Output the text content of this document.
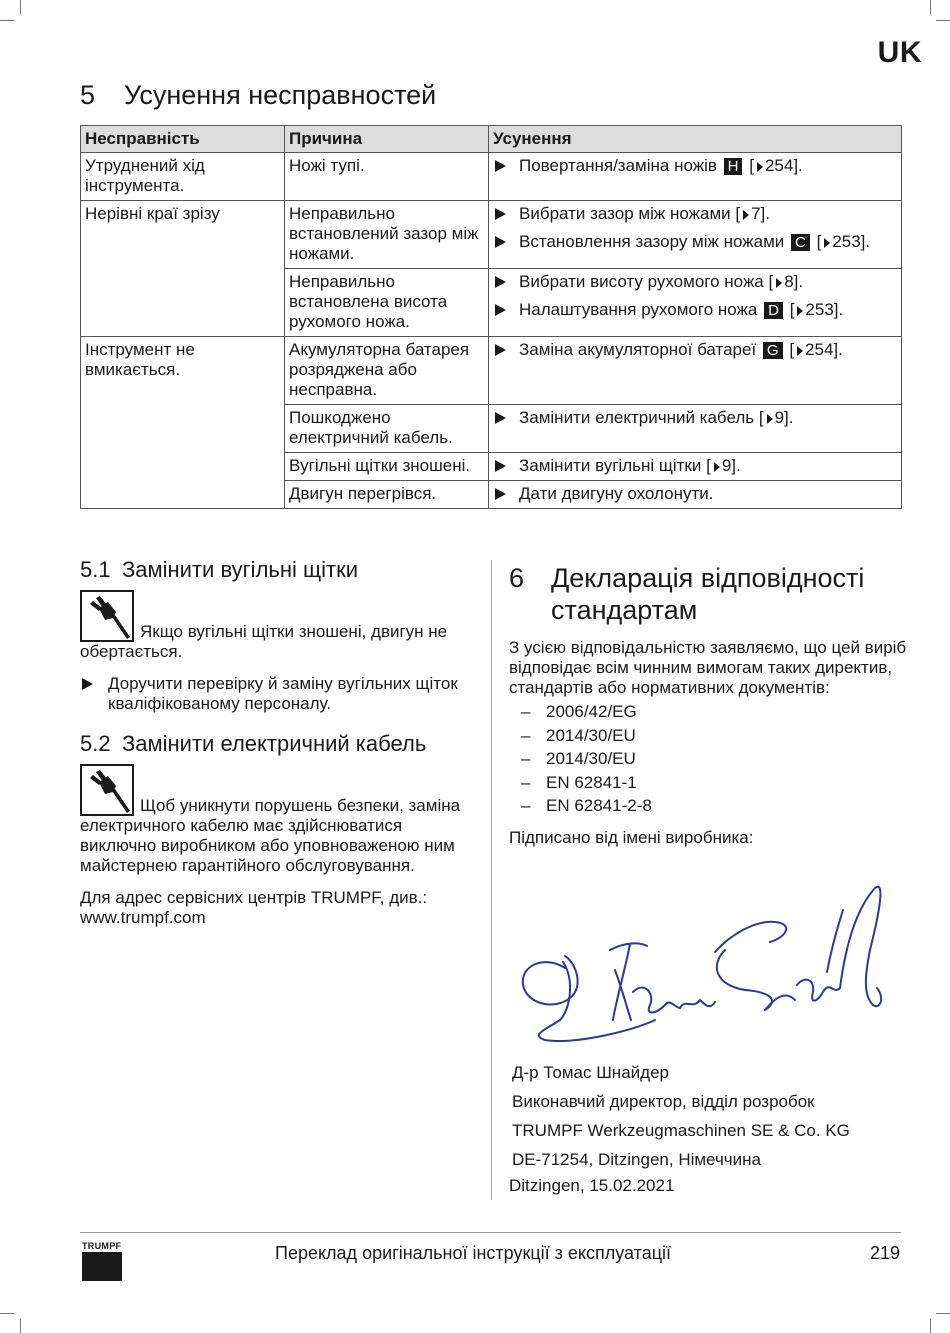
UK
5 Усунення несправностей
Несправність	Причина	Усунення
Утруднений хід інструмента.	Ножі тупі.	Повертання/заміна ножів H [ 254].

Нерівні краї зрізу	Неправильно встановлений зазор між ножами.	Вибрати зазор між ножами [ 7].
Встановлення зазору між ножами C [ 253].

	Неправильно встановлена висота рухомого ножа.	Вибрати висоту рухомого ножа [ 8].
Налаштування рухомого ножа D [ 253].

Інструмент не вмикається.	Акумуляторна батарея розряджена або несправна.	Заміна акумуляторної батареї G [ 254].

	Пошкоджено електричний кабель.	Замінити електричний кабель [ 9].

	Вугільні щітки зношені.	Замінити вугільні щітки [ 9].

	Двигун перегрівся.	Дати двигуну охолонути.
5.1 Замінити вугільні щітки
Якщо вугільні щітки зношені, двигун не обертається.
Доручити перевірку й заміну вугільних щіток кваліфікованому персоналу.
5.2 Замінити електричний кабель
Щоб уникнути порушень безпеки, заміна електричного кабелю має здійснюватися виключно виробником або уповноваженою ним майстернею гарантійного обслуговування.

Для адрес сервісних центрів TRUMPF, див.: www.trumpf.com

6 Декларація відповідності стандартам

З усією відповідальністю заявляємо, що цей виріб відповідає всім чинним вимогам таких директив, стандартів або нормативних документів:

– 2006/42/EG
– 2014/30/EU
– 2014/30/EU
– EN 62841-1
– EN 62841-2-8

Підписано від імені виробника:

Д-р Томас Шнайдер
Виконавчий директор, відділ розробок
TRUMPF Werkzeugmaschinen SE & Co. KG
DE-71254, Ditzingen, Німеччина
Ditzingen, 15.02.2021
TRUMPF	Переклад оригінальної інструкції з експлуатації	219
